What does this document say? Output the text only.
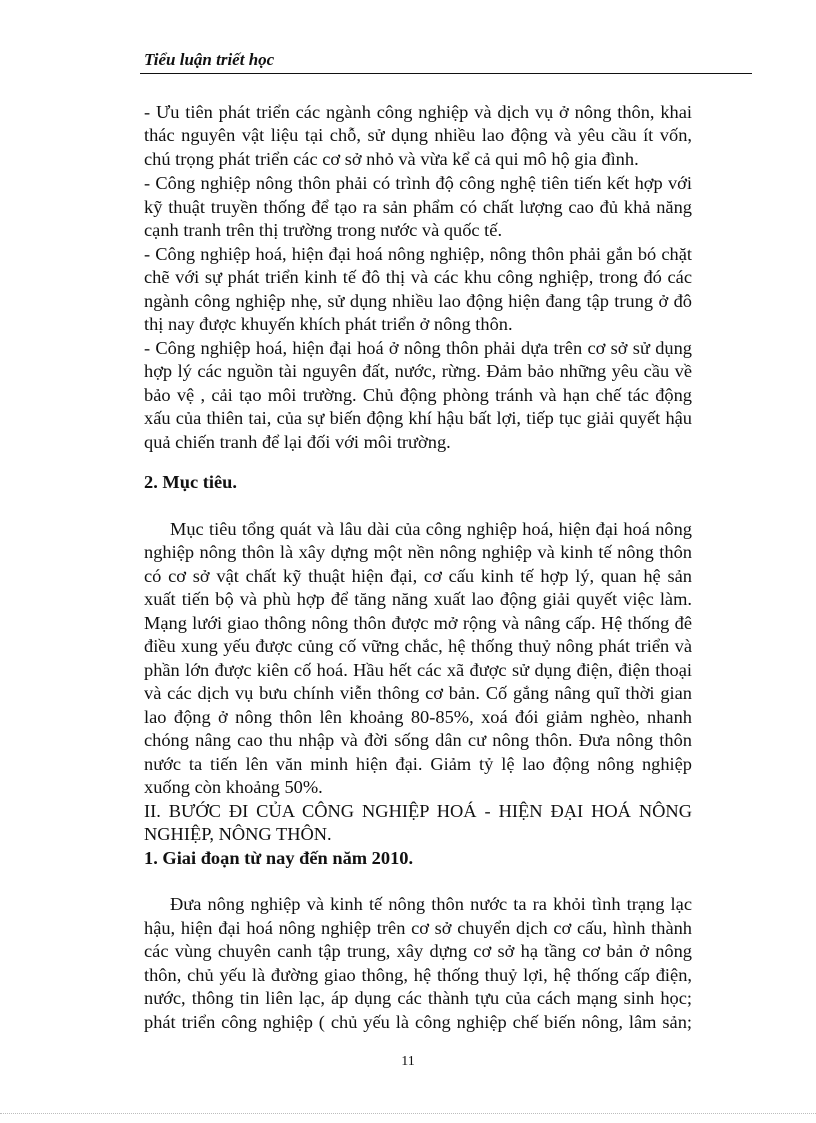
Tiểu luận triết học
- Ưu tiên phát triển các ngành công nghiệp và dịch vụ ở nông thôn, khai
thác nguyên vật liệu tại chỗ, sử dụng nhiều lao động và yêu cầu ít vốn,
chú trọng phát triển các cơ sở nhỏ và vừa kể cả qui mô hộ gia đình.
- Công nghiệp nông thôn phải có trình độ công nghệ tiên tiến kết hợp với
kỹ thuật truyền thống để tạo ra sản phẩm có chất lượng cao đủ khả năng
cạnh tranh trên thị trường trong nước và quốc tế.
- Công nghiệp hoá, hiện đại hoá nông nghiệp, nông thôn phải gắn bó chặt
chẽ với sự phát triển kinh tế đô thị và các khu công nghiệp, trong đó các
ngành công nghiệp nhẹ, sử dụng nhiều lao động hiện đang tập trung ở đô
thị nay được khuyến khích phát triển ở nông thôn.
- Công nghiệp hoá, hiện đại hoá ở nông thôn phải dựa trên cơ sở sử dụng
hợp lý các nguồn tài nguyên đất, nước, rừng. Đảm bảo những yêu cầu về
bảo vệ , cải tạo môi trường. Chủ động phòng tránh và hạn chế tác động
xấu của thiên tai, của sự biến động khí hậu bất lợi, tiếp tục giải quyết hậu
quả chiến tranh để lại đối với môi trường.
2. Mục tiêu.
Mục tiêu tổng quát và lâu dài của công nghiệp hoá, hiện đại hoá nông
nghiệp nông thôn là xây dựng một nền nông nghiệp và kinh tế nông thôn
có cơ sở vật chất kỹ thuật hiện đại, cơ cấu kinh tế hợp lý, quan hệ sản
xuất tiến bộ và phù hợp để tăng năng xuất lao động giải quyết việc làm.
Mạng lưới giao thông nông thôn được mở rộng và nâng cấp. Hệ thống đê
điều xung yếu được củng cố vững chắc, hệ thống thuỷ nông phát triển và
phần lớn được kiên cố hoá. Hầu hết các xã được sử dụng điện, điện thoại
và các dịch vụ bưu chính viễn thông cơ bản. Cố gắng nâng quĩ thời gian
lao động ở nông thôn lên khoảng 80-85%, xoá đói giảm nghèo, nhanh
chóng nâng cao thu nhập và đời sống dân cư nông thôn. Đưa nông thôn
nước ta tiến lên văn minh hiện đại. Giảm tỷ lệ lao động nông nghiệp
xuống còn khoảng 50%.
II. BƯỚC ĐI CỦA CÔNG NGHIỆP HOÁ - HIỆN ĐẠI HOÁ NÔNG
NGHIỆP, NÔNG THÔN.
1. Giai đoạn từ nay đến năm 2010.
Đưa nông nghiệp và kinh tế nông thôn nước ta ra khỏi tình trạng lạc
hậu, hiện đại hoá nông nghiệp trên cơ sở chuyển dịch cơ cấu, hình thành
các vùng chuyên canh tập trung, xây dựng cơ sở hạ tầng cơ bản ở nông
thôn, chủ yếu là đường giao thông, hệ thống thuỷ lợi, hệ thống cấp điện,
nước, thông tin liên lạc, áp dụng các thành tựu của cách mạng sinh học;
phát triển công nghiệp ( chủ yếu là công nghiệp chế biến nông, lâm sản;
11
